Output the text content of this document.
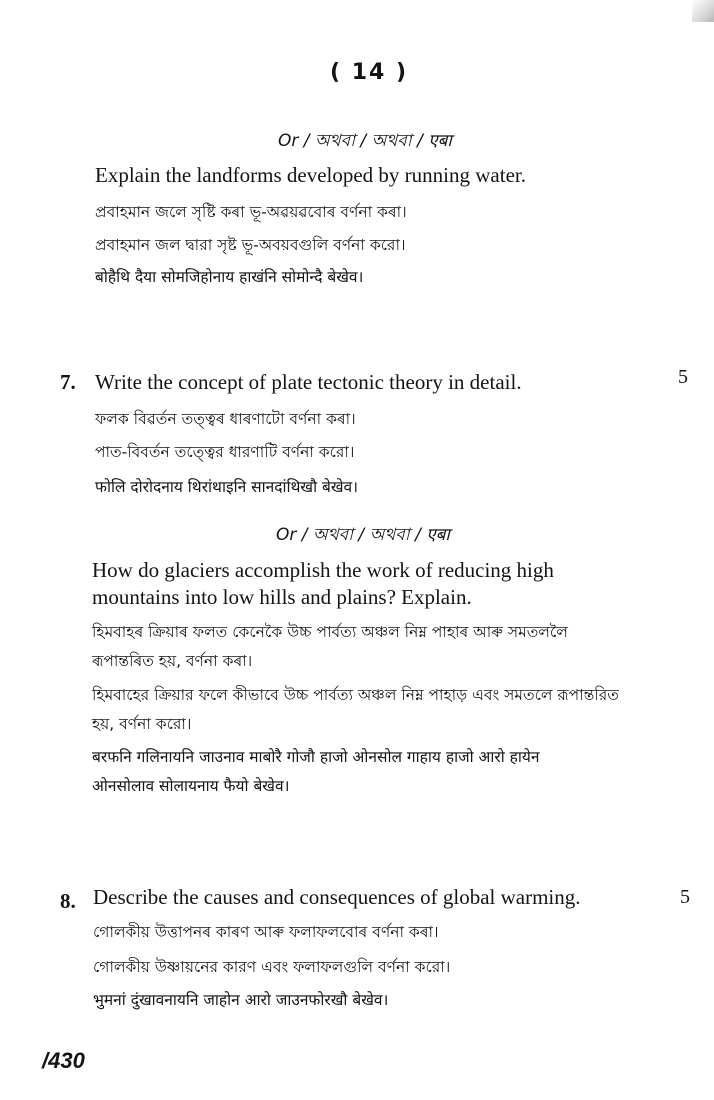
( 14 )
Or / অথবা / অথবা / एबा
Explain the landforms developed by running water.
প্ৰবাহমান জলে সৃষ্টি কৰা ভূ-অৱয়ৱবোৰ বৰ্ণনা কৰা।
প্রবাহমান জল দ্বারা সৃষ্ট ভূ-অবয়বগুলি বর্ণনা করো।
बोहैथि दैया सोमजिहोनाय हाखंनि सोमोन्दै बेखेव।
7. Write the concept of plate tectonic theory in detail.	5
ফলক বিৱৰ্তন তত্ত্বৰ ধাৰণাটো বৰ্ণনা কৰা।
পাত-বিবর্তন তত্ত্বের ধারণাটি বর্ণনা করো।
फोलि दोरोदनाय थिरांथाइनि सानदांथिखौ बेखेव।
Or / অথবা / অথবা / एबा
How do glaciers accomplish the work of reducing high
mountains into low hills and plains? Explain.
হিমবাহৰ ক্ৰিয়াৰ ফলত কেনেকৈ উচ্চ পাৰ্বত্য অঞ্চল নিম্ন পাহাৰ আৰু সমতললৈ
ৰূপান্তৰিত হয়, বৰ্ণনা কৰা।
হিমবাহের ক্রিয়ার ফলে কীভাবে উচ্চ পার্বত্য অঞ্চল নিম্ন পাহাড় এবং সমতলে রূপান্তরিত
হয়, বর্ণনা করো।
बरफनि गलिनायनि जाउनाव माबोरै गोजौ हाजो ओनसोल गाहाय हाजो आरो हायेन
ओनसोलाव सोलायनाय फैयो बेखेव।
8. Describe the causes and consequences of global warming.	5
গোলকীয় উত্তাপনৰ কাৰণ আৰু ফলাফলবোৰ বৰ্ণনা কৰা।
গোলকীয় উষ্ণায়নের কারণ এবং ফলাফলগুলি বর্ণনা করো।
भुमनां दुंखावनायनि जाहोन आरो जाउनफोरखौ बेखेव।
/430
